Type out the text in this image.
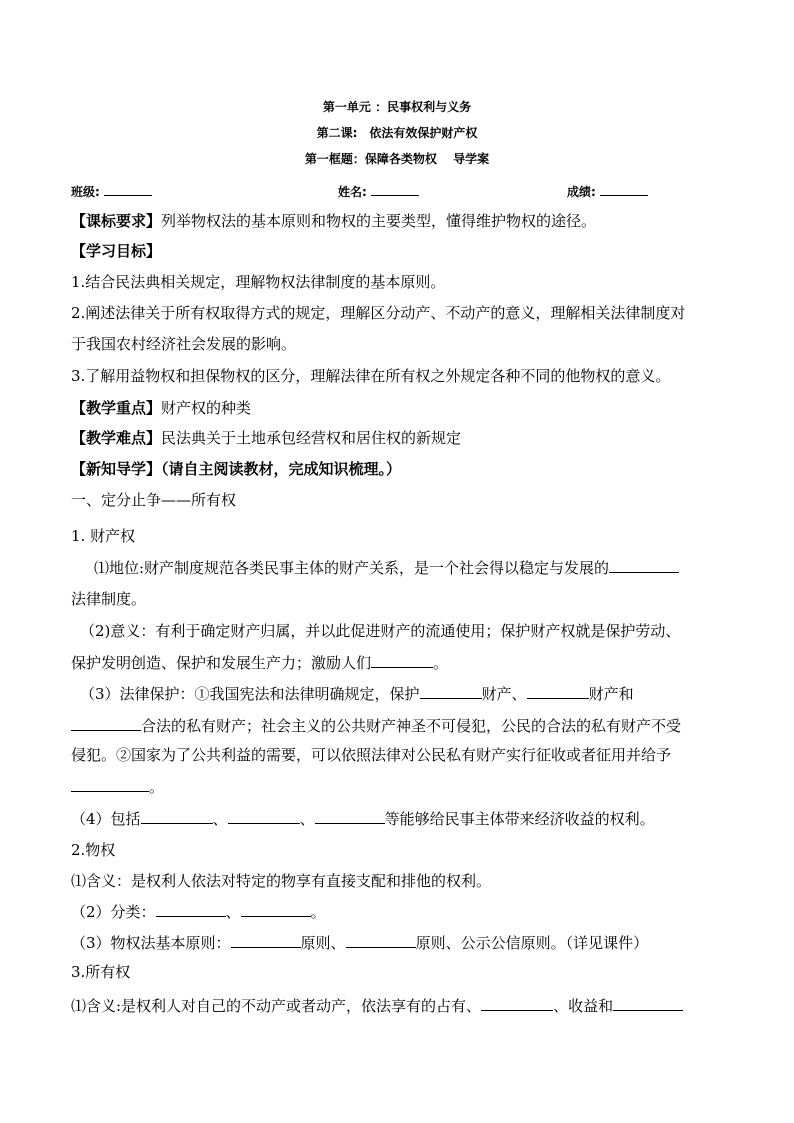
第一单元 ：民事权利与义务
第二课:　依法有效保护财产权
第一框题：保障各类物权　 导学案
班级:	姓名:	成绩:
【课标要求】列举物权法的基本原则和物权的主要类型，懂得维护物权的途径。
【学习目标】
1.结合民法典相关规定，理解物权法律制度的基本原则。
2.阐述法律关于所有权取得方式的规定，理解区分动产、不动产的意义，理解相关法律制度对
于我国农村经济社会发展的影响。
3.了解用益物权和担保物权的区分，理解法律在所有权之外规定各种不同的他物权的意义。
【教学重点】财产权的种类
【教学难点】民法典关于土地承包经营权和居住权的新规定
【新知导学】（请自主阅读教材，完成知识梳理。）
一、定分止争——所有权
1. 财产权
⑴地位:财产制度规范各类民事主体的财产关系，是一个社会得以稳定与发展的
法律制度。
（2)意义：有利于确定财产归属，并以此促进财产的流通使用；保护财产权就是保护劳动、
保护发明创造、保护和发展生产力；激励人们	。
（3）法律保护：①我国宪法和法律明确规定，保护	财产、	财产和
合法的私有财产；社会主义的公共财产神圣不可侵犯，公民的合法的私有财产不受
侵犯。②国家为了公共利益的需要，可以依照法律对公民私有财产实行征收或者征用并给予
。
（4）包括	、	、	等能够给民事主体带来经济收益的权利。
2.物权
⑴含义：是权利人依法对特定的物享有直接支配和排他的权利。
（2）分类：	、	。
（3）物权法基本原则：	原则、	原则、公示公信原则。（详见课件）
3.所有权
⑴含义:是权利人对自己的不动产或者动产，依法享有的占有、	、收益和
